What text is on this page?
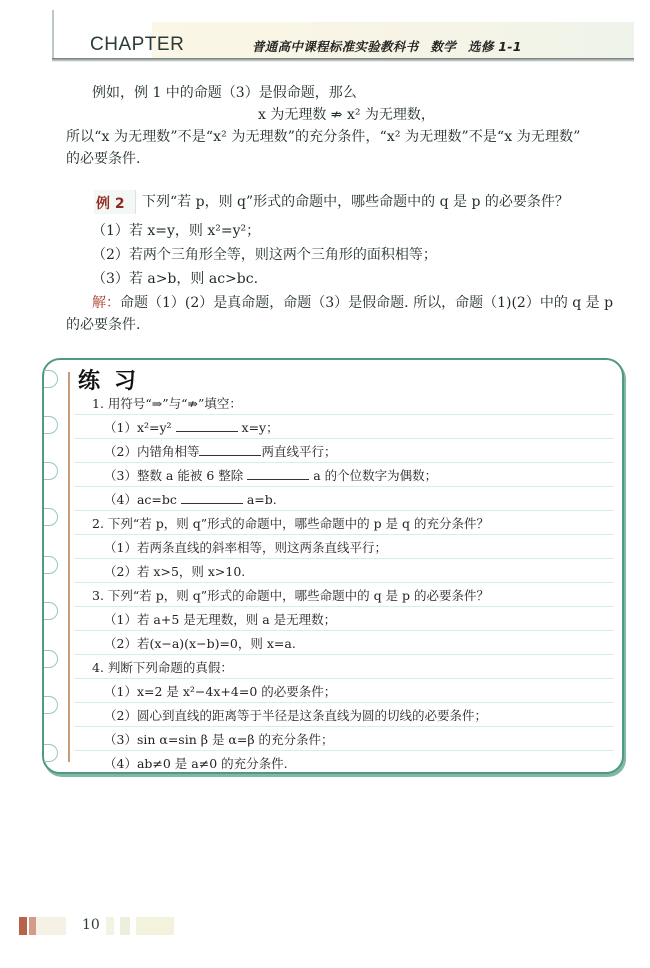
CHAPTER	普通高中课程标准实验教科书 数学 选修 1-1
例如，例 1 中的命题（3）是假命题，那么
x 为无理数 ⇏ x² 为无理数，
所以“x 为无理数”不是“x² 为无理数”的充分条件，“x² 为无理数”不是“x 为无理数”
的必要条件.
例 2 下列“若 p，则 q”形式的命题中，哪些命题中的 q 是 p 的必要条件？
（1）若 x=y，则 x²=y²；
（2）若两个三角形全等，则这两个三角形的面积相等；
（3）若 a>b，则 ac>bc.
解：命题（1）(2）是真命题，命题（3）是假命题. 所以，命题（1)(2）中的 q 是 p
的必要条件.
练习
1. 用符号“⇒”与“⇏”填空：
（1）x²=y²	x=y；
（2）内错角相等	两直线平行；
（3）整数 a 能被 6 整除	a 的个位数字为偶数；
（4）ac=bc	a=b.
2. 下列“若 p，则 q”形式的命题中，哪些命题中的 p 是 q 的充分条件？
（1）若两条直线的斜率相等，则这两条直线平行；
（2）若 x>5，则 x>10.
3. 下列“若 p，则 q”形式的命题中，哪些命题中的 q 是 p 的必要条件？
（1）若 a+5 是无理数，则 a 是无理数；
（2）若(x−a)(x−b)=0，则 x=a.
4. 判断下列命题的真假：
（1）x=2 是 x²−4x+4=0 的必要条件；
（2）圆心到直线的距离等于半径是这条直线为圆的切线的必要条件；
（3）sin α=sin β 是 α=β 的充分条件；
（4）ab≠0 是 a≠0 的充分条件.
10
